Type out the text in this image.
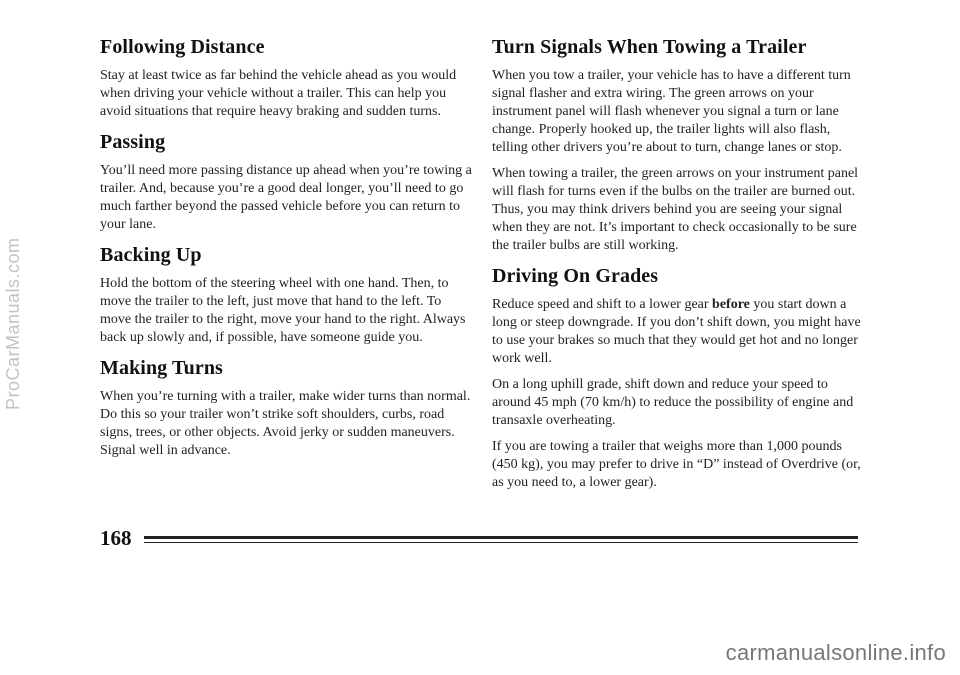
Following Distance

Stay at least twice as far behind the vehicle ahead as you would when driving your vehicle without a trailer. This can help you avoid situations that require heavy braking and sudden turns.

Passing

You’ll need more passing distance up ahead when you’re towing a trailer. And, because you’re a good deal longer, you’ll need to go much farther beyond the passed vehicle before you can return to your lane.

Backing Up

Hold the bottom of the steering wheel with one hand. Then, to move the trailer to the left, just move that hand to the left. To move the trailer to the right, move your hand to the right. Always back up slowly and, if possible, have someone guide you.

Making Turns

When you’re turning with a trailer, make wider turns than normal. Do this so your trailer won’t strike soft shoulders, curbs, road signs, trees, or other objects. Avoid jerky or sudden maneuvers. Signal well in advance.

Turn Signals When Towing a Trailer

When you tow a trailer, your vehicle has to have a different turn signal flasher and extra wiring. The green arrows on your instrument panel will flash whenever you signal a turn or lane change. Properly hooked up, the trailer lights will also flash, telling other drivers you’re about to turn, change lanes or stop.

When towing a trailer, the green arrows on your instrument panel will flash for turns even if the bulbs on the trailer are burned out. Thus, you may think drivers behind you are seeing your signal when they are not. It’s important to check occasionally to be sure the trailer bulbs are still working.

Driving On Grades

Reduce speed and shift to a lower gear before you start down a long or steep downgrade. If you don’t shift down, you might have to use your brakes so much that they would get hot and no longer work well.

On a long uphill grade, shift down and reduce your speed to around 45 mph (70 km/h) to reduce the possibility of engine and transaxle overheating.

If you are towing a trailer that weighs more than 1,000 pounds (450 kg), you may prefer to drive in “D” instead of Overdrive (or, as you need to, a lower gear).

168
ProCarManuals.com
carmanualsonline.info
